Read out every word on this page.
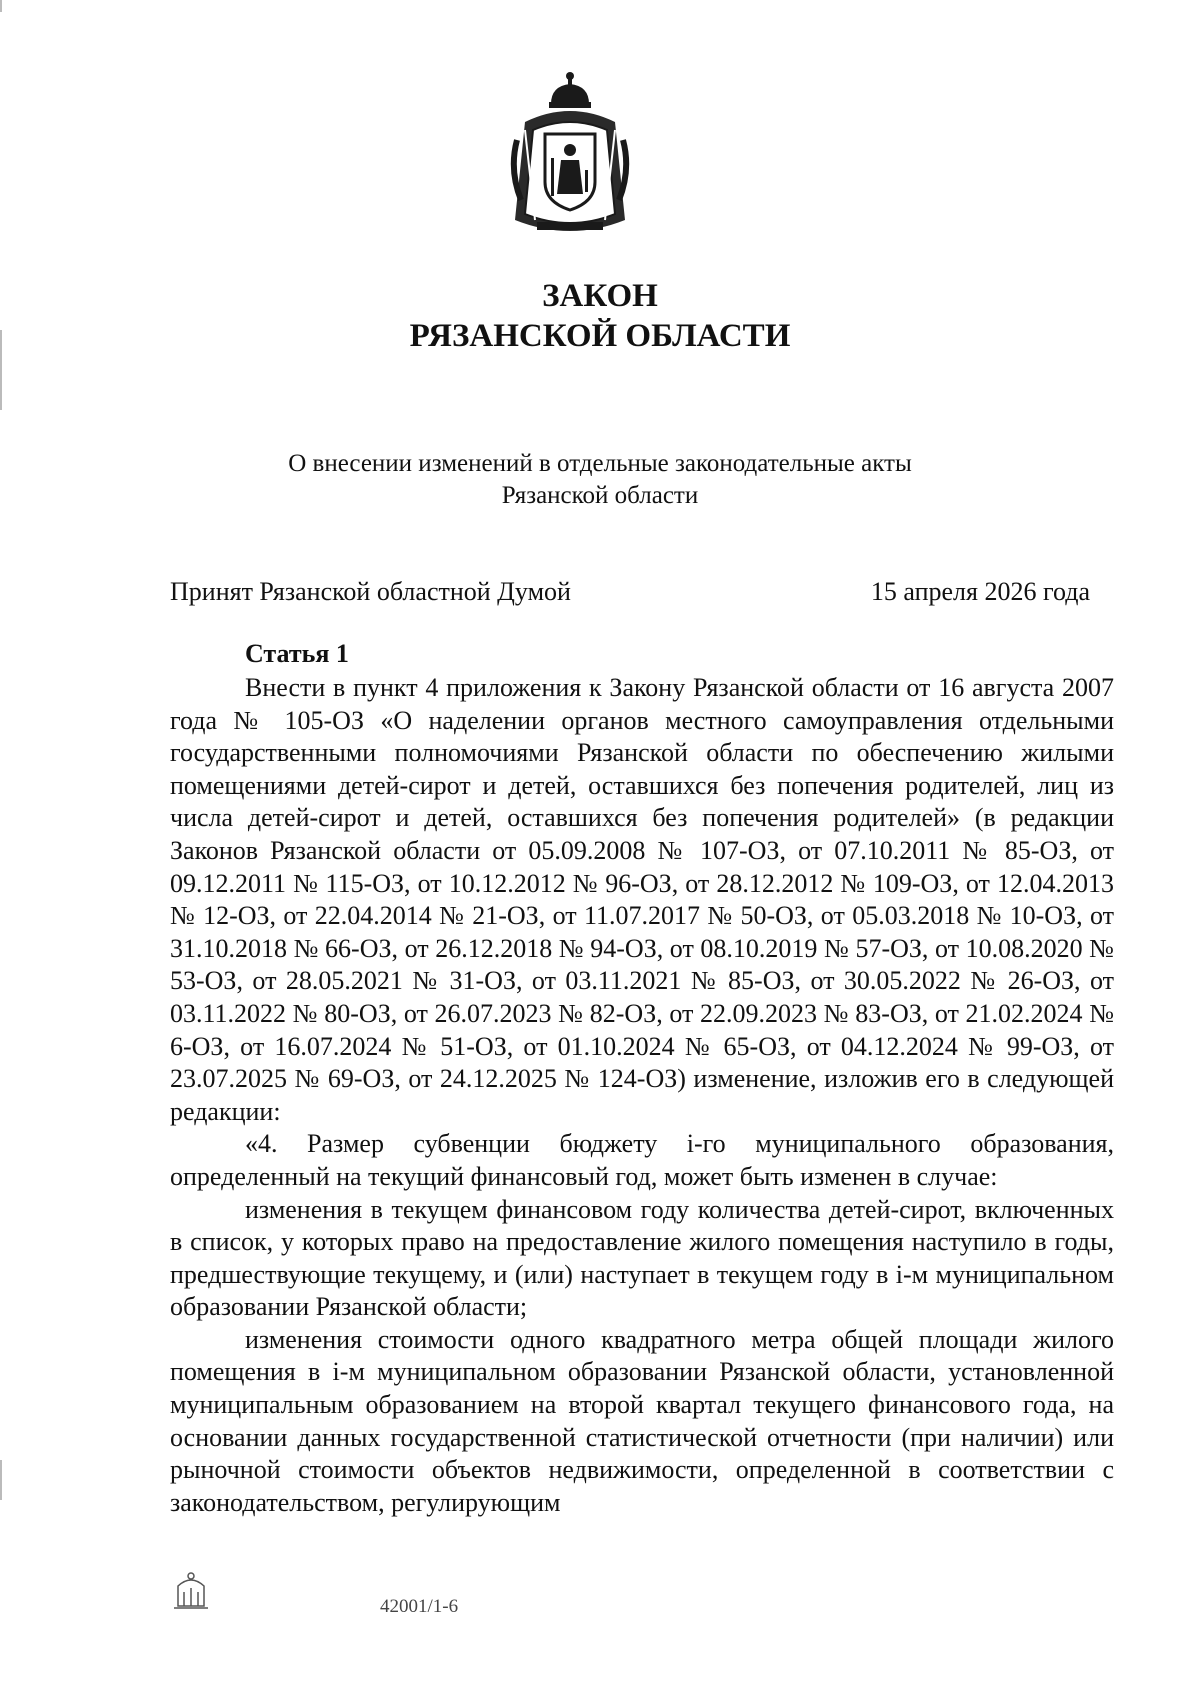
ЗАКОН
РЯЗАНСКОЙ ОБЛАСТИ
О внесении изменений в отдельные законодательные акты
Рязанской области
Принят Рязанской областной Думой	15 апреля 2026 года
Статья 1

Внести в пункт 4 приложения к Закону Рязанской области от 16 августа 2007 года № 105-ОЗ «О наделении органов местного самоуправления отдельными государственными полномочиями Рязанской области по обеспечению жилыми помещениями детей-сирот и детей, оставшихся без попечения родителей, лиц из числа детей-сирот и детей, оставшихся без попечения родителей» (в редакции Законов Рязанской области от 05.09.2008 № 107-ОЗ, от 07.10.2011 № 85-ОЗ, от 09.12.2011 № 115-ОЗ, от 10.12.2012 № 96-ОЗ, от 28.12.2012 № 109-ОЗ, от 12.04.2013 № 12-ОЗ, от 22.04.2014 № 21-ОЗ, от 11.07.2017 № 50-ОЗ, от 05.03.2018 № 10-ОЗ, от 31.10.2018 № 66-ОЗ, от 26.12.2018 № 94-ОЗ, от 08.10.2019 № 57-ОЗ, от 10.08.2020 № 53-ОЗ, от 28.05.2021 № 31-ОЗ, от 03.11.2021 № 85-ОЗ, от 30.05.2022 № 26-ОЗ, от 03.11.2022 № 80-ОЗ, от 26.07.2023 № 82-ОЗ, от 22.09.2023 № 83-ОЗ, от 21.02.2024 № 6-ОЗ, от 16.07.2024 № 51-ОЗ, от 01.10.2024 № 65-ОЗ, от 04.12.2024 № 99-ОЗ, от 23.07.2025 № 69-ОЗ, от 24.12.2025 № 124-ОЗ) изменение, изложив его в следующей редакции:

«4. Размер субвенции бюджету i-го муниципального образования, определенный на текущий финансовый год, может быть изменен в случае:

изменения в текущем финансовом году количества детей-сирот, включенных в список, у которых право на предоставление жилого помещения наступило в годы, предшествующие текущему, и (или) наступает в текущем году в i-м муниципальном образовании Рязанской области;

изменения стоимости одного квадратного метра общей площади жилого помещения в i-м муниципальном образовании Рязанской области, установленной муниципальным образованием на второй квартал текущего финансового года, на основании данных государственной статистической отчетности (при наличии) или рыночной стоимости объектов недвижимости, определенной в соответствии с законодательством, регулирующим

42001/1-6
